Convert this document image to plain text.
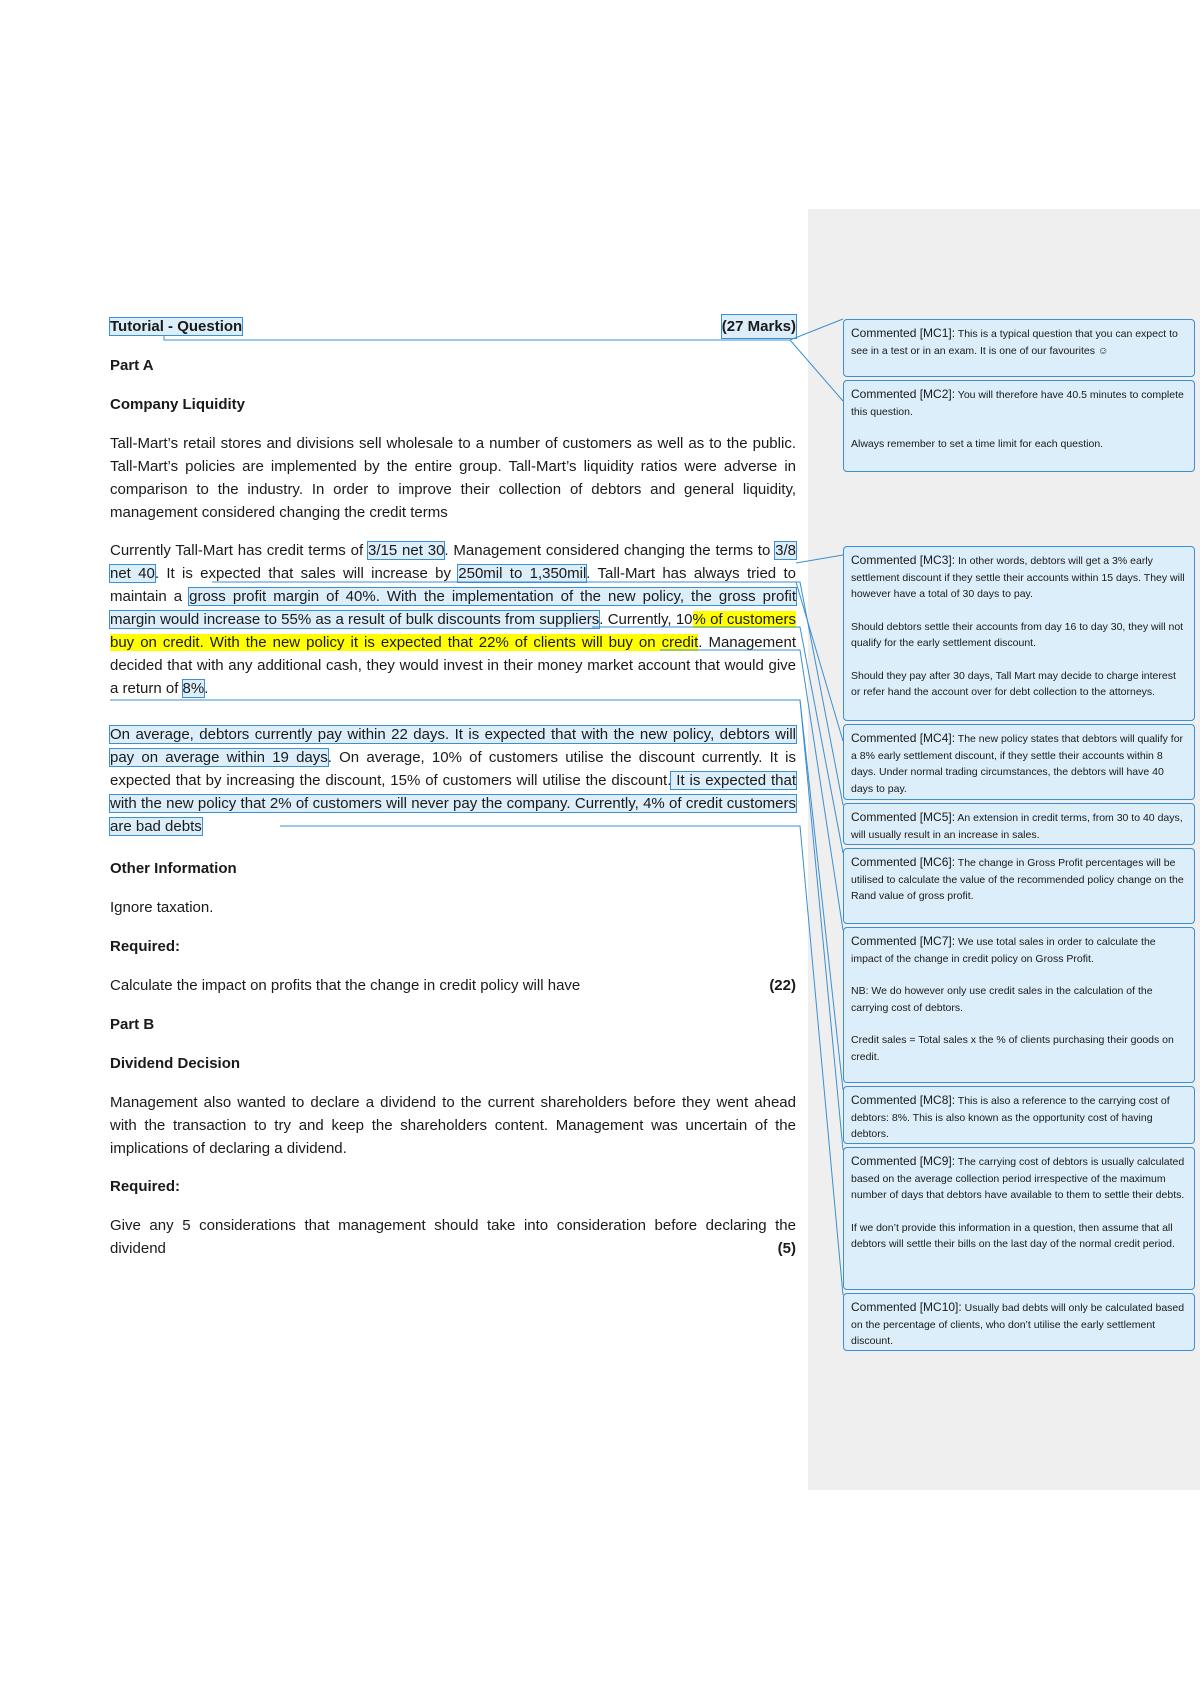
Tutorial - Question	(27 Marks)
Part A
Company Liquidity
Tall-Mart’s retail stores and divisions sell wholesale to a number of customers as well as to the public. Tall-Mart’s policies are implemented by the entire group. Tall-Mart’s liquidity ratios were adverse in comparison to the industry. In order to improve their collection of debtors and general liquidity, management considered changing the credit terms
Currently Tall-Mart has credit terms of 3/15 net 30. Management considered changing the terms to 3/8 net 40. It is expected that sales will increase by 250mil to 1,350mil. Tall-Mart has always tried to maintain a gross profit margin of 40%. With the implementation of the new policy, the gross profit margin would increase to 55% as a result of bulk discounts from suppliers. Currently, 10% of customers buy on credit. With the new policy it is expected that 22% of clients will buy on credit. Management decided that with any additional cash, they would invest in their money market account that would give a return of 8%.
On average, debtors currently pay within 22 days. It is expected that with the new policy, debtors will pay on average within 19 days. On average, 10% of customers utilise the discount currently. It is expected that by increasing the discount, 15% of customers will utilise the discount. It is expected that with the new policy that 2% of customers will never pay the company. Currently, 4% of credit customers are bad debts
Other Information
Ignore taxation.
Required:
Calculate the impact on profits that the change in credit policy will have	(22)
Part B
Dividend Decision
Management also wanted to declare a dividend to the current shareholders before they went ahead with the transaction to try and keep the shareholders content. Management was uncertain of the implications of declaring a dividend.
Required:
Give any 5 considerations that management should take into consideration before declaring the dividend	(5)

Commented [MC1]: This is a typical question that you can expect to see in a test or in an exam. It is one of our favourites ☺

Commented [MC2]: You will therefore have 40.5 minutes to complete this question.

Always remember to set a time limit for each question.

Commented [MC3]: In other words, debtors will get a 3% early settlement discount if they settle their accounts within 15 days. They will however have a total of 30 days to pay.

Should debtors settle their accounts from day 16 to day 30, they will not qualify for the early settlement discount.

Should they pay after 30 days, Tall Mart may decide to charge interest or refer hand the account over for debt collection to the attorneys.

Commented [MC4]: The new policy states that debtors will qualify for a 8% early settlement discount, if they settle their accounts within 8 days. Under normal trading circumstances, the debtors will have 40 days to pay.

Commented [MC5]: An extension in credit terms, from 30 to 40 days, will usually result in an increase in sales.

Commented [MC6]: The change in Gross Profit percentages will be utilised to calculate the value of the recommended policy change on the Rand value of gross profit.

Commented [MC7]: We use total sales in order to calculate the impact of the change in credit policy on Gross Profit.

NB: We do however only use credit sales in the calculation of the carrying cost of debtors.

Credit sales = Total sales x the % of clients purchasing their goods on credit.

Commented [MC8]: This is also a reference to the carrying cost of debtors: 8%. This is also known as the opportunity cost of having debtors.

Commented [MC9]: The carrying cost of debtors is usually calculated based on the average collection period irrespective of the maximum number of days that debtors have available to them to settle their debts.

If we don’t provide this information in a question, then assume that all debtors will settle their bills on the last day of the normal credit period.

Commented [MC10]: Usually bad debts will only be calculated based on the percentage of clients, who don’t utilise the early settlement discount.
